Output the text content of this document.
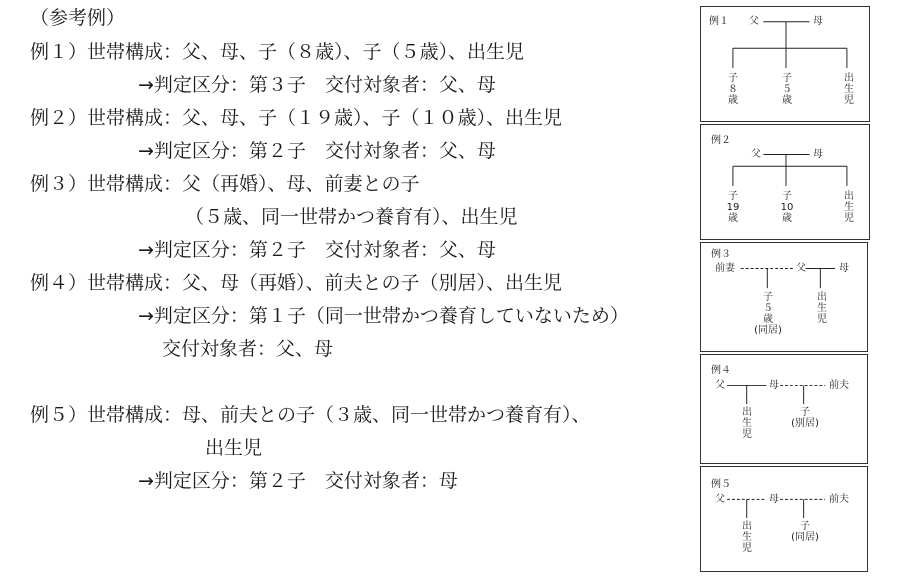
（参考例）
例１）世帯構成：父、母、子（８歳）、子（５歳）、出生児
→判定区分：第３子　交付対象者：父、母
例２）世帯構成：父、母、子（１９歳）、子（１０歳）、出生児
→判定区分：第２子　交付対象者：父、母
例３）世帯構成：父（再婚）、母、前妻との子
（５歳、同一世帯かつ養育有）、出生児
→判定区分：第２子　交付対象者：父、母
例４）世帯構成：父、母（再婚）、前夫との子（別居）、出生児
→判定区分：第１子（同一世帯かつ養育していないため）
交付対象者：父、母
例５）世帯構成：母、前夫との子（３歳、同一世帯かつ養育有）、
出生児
→判定区分：第２子　交付対象者：母
例１ 父	母
子
８
歳
子
５
歳
出
生
児
例２
父	母
子
19
歳
子
10
歳
出
生
児
例３
前妻	父	母
子
５
歳
(同居)
出
生
児
例４
父	母	前夫
出
生
児
子
(別居)
例５
父	母	前夫
出
生
児
子
(同居)
